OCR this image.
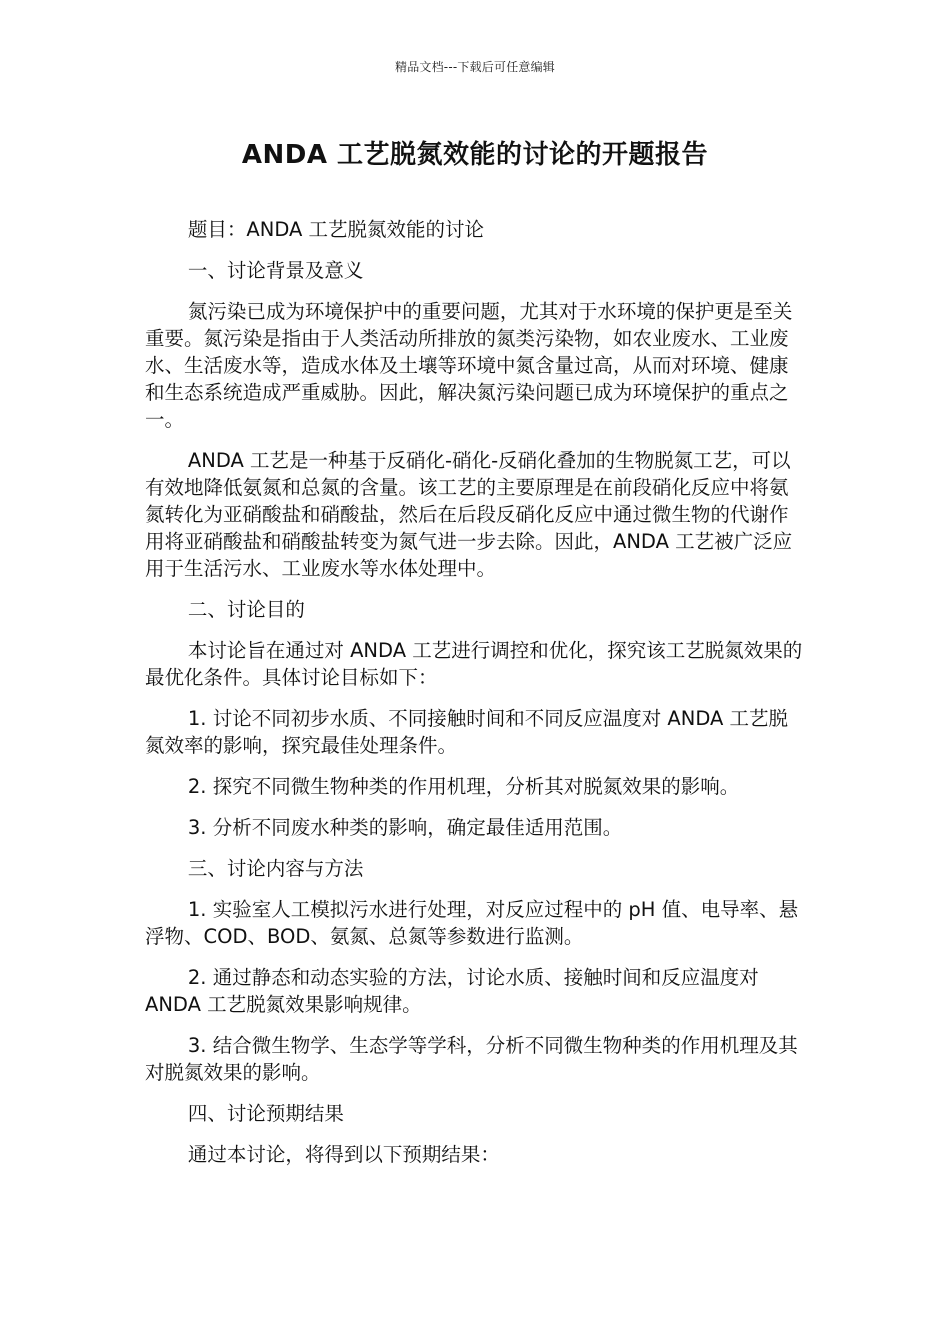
精品文档---下载后可任意编辑
ANDA 工艺脱氮效能的讨论的开题报告

题目：ANDA 工艺脱氮效能的讨论

一、讨论背景及意义

氮污染已成为环境保护中的重要问题，尤其对于水环境的保护更是至关重要。氮污染是指由于人类活动所排放的氮类污染物，如农业废水、工业废水、生活废水等，造成水体及土壤等环境中氮含量过高，从而对环境、健康和生态系统造成严重威胁。因此，解决氮污染问题已成为环境保护的重点之一。

ANDA 工艺是一种基于反硝化-硝化-反硝化叠加的生物脱氮工艺，可以有效地降低氨氮和总氮的含量。该工艺的主要原理是在前段硝化反应中将氨氮转化为亚硝酸盐和硝酸盐，然后在后段反硝化反应中通过微生物的代谢作用将亚硝酸盐和硝酸盐转变为氮气进一步去除。因此，ANDA 工艺被广泛应用于生活污水、工业废水等水体处理中。

二、讨论目的

本讨论旨在通过对 ANDA 工艺进行调控和优化，探究该工艺脱氮效果的最优化条件。具体讨论目标如下：

1. 讨论不同初步水质、不同接触时间和不同反应温度对 ANDA 工艺脱氮效率的影响，探究最佳处理条件。

2. 探究不同微生物种类的作用机理，分析其对脱氮效果的影响。

3. 分析不同废水种类的影响，确定最佳适用范围。

三、讨论内容与方法

1. 实验室人工模拟污水进行处理，对反应过程中的 pH 值、电导率、悬浮物、COD、BOD、氨氮、总氮等参数进行监测。

2. 通过静态和动态实验的方法，讨论水质、接触时间和反应温度对 ANDA 工艺脱氮效果影响规律。

3. 结合微生物学、生态学等学科，分析不同微生物种类的作用机理及其对脱氮效果的影响。

四、讨论预期结果

通过本讨论，将得到以下预期结果：
